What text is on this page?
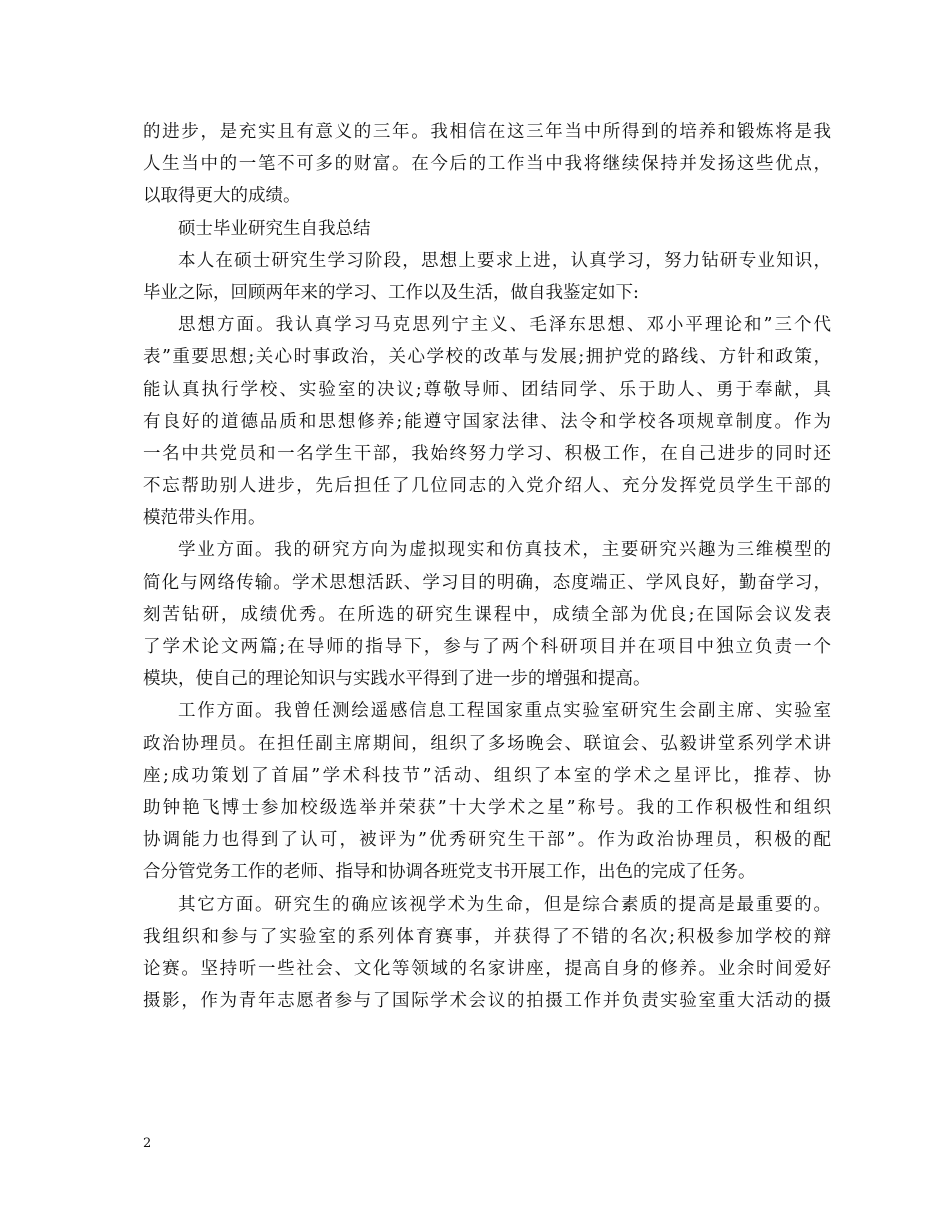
的进步，是充实且有意义的三年。我相信在这三年当中所得到的培养和锻炼将是我
人生当中的一笔不可多的财富。在今后的工作当中我将继续保持并发扬这些优点，
以取得更大的成绩。
硕士毕业研究生自我总结
本人在硕士研究生学习阶段，思想上要求上进，认真学习，努力钻研专业知识，
毕业之际，回顾两年来的学习、工作以及生活，做自我鉴定如下:
思想方面。我认真学习马克思列宁主义、毛泽东思想、邓小平理论和”三个代
表”重要思想;关心时事政治，关心学校的改革与发展;拥护党的路线、方针和政策，
能认真执行学校、实验室的决议;尊敬导师、团结同学、乐于助人、勇于奉献，具
有良好的道德品质和思想修养;能遵守国家法律、法令和学校各项规章制度。作为
一名中共党员和一名学生干部，我始终努力学习、积极工作，在自己进步的同时还
不忘帮助别人进步，先后担任了几位同志的入党介绍人、充分发挥党员学生干部的
模范带头作用。
学业方面。我的研究方向为虚拟现实和仿真技术，主要研究兴趣为三维模型的
简化与网络传输。学术思想活跃、学习目的明确，态度端正、学风良好，勤奋学习，
刻苦钻研，成绩优秀。在所选的研究生课程中，成绩全部为优良;在国际会议发表
了学术论文两篇;在导师的指导下，参与了两个科研项目并在项目中独立负责一个
模块，使自己的理论知识与实践水平得到了进一步的增强和提高。
工作方面。我曾任测绘遥感信息工程国家重点实验室研究生会副主席、实验室
政治协理员。在担任副主席期间，组织了多场晚会、联谊会、弘毅讲堂系列学术讲
座;成功策划了首届”学术科技节”活动、组织了本室的学术之星评比，推荐、协
助钟艳飞博士参加校级选举并荣获”十大学术之星”称号。我的工作积极性和组织
协调能力也得到了认可，被评为”优秀研究生干部”。作为政治协理员，积极的配
合分管党务工作的老师、指导和协调各班党支书开展工作，出色的完成了任务。
其它方面。研究生的确应该视学术为生命，但是综合素质的提高是最重要的。
我组织和参与了实验室的系列体育赛事，并获得了不错的名次;积极参加学校的辩
论赛。坚持听一些社会、文化等领域的名家讲座，提高自身的修养。业余时间爱好
摄影，作为青年志愿者参与了国际学术会议的拍摄工作并负责实验室重大活动的摄
2
